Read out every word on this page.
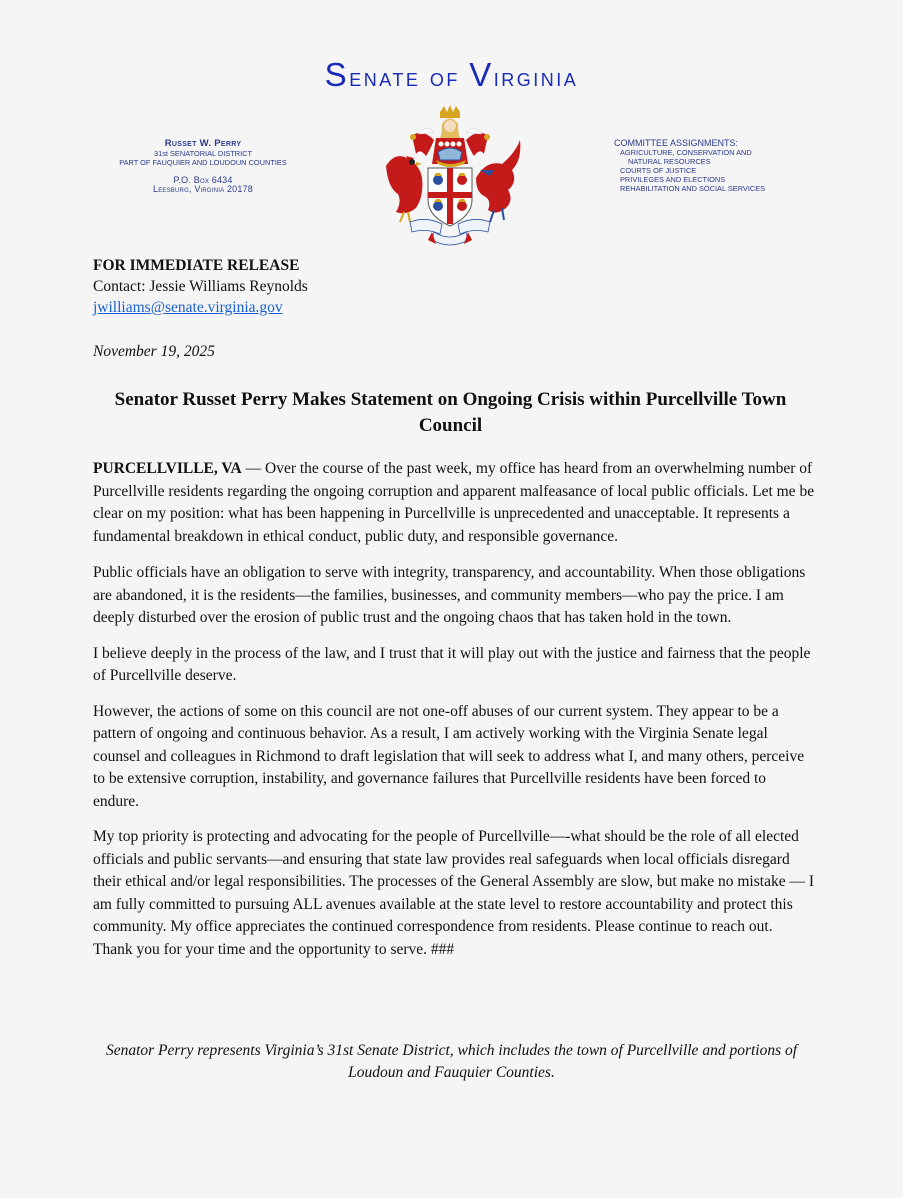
Senate of Virginia
Russet W. Perry
31st SENATORIAL DISTRICT
PART OF FAUQUIER AND LOUDOUN COUNTIES
P.O. Box 6434
Leesburg, Virginia 20178
COMMITTEE ASSIGNMENTS:
AGRICULTURE, CONSERVATION AND
NATURAL RESOURCES
COURTS OF JUSTICE
PRIVILEGES AND ELECTIONS
REHABILITATION AND SOCIAL SERVICES
FOR IMMEDIATE RELEASE
Contact: Jessie Williams Reynolds
jwilliams@senate.virginia.gov
November 19, 2025
Senator Russet Perry Makes Statement on Ongoing Crisis within Purcellville Town Council

PURCELLVILLE, VA — Over the course of the past week, my office has heard from an overwhelming number of Purcellville residents regarding the ongoing corruption and apparent malfeasance of local public officials. Let me be clear on my position: what has been happening in Purcellville is unprecedented and unacceptable. It represents a fundamental breakdown in ethical conduct, public duty, and responsible governance.

Public officials have an obligation to serve with integrity, transparency, and accountability. When those obligations are abandoned, it is the residents—the families, businesses, and community members—who pay the price. I am deeply disturbed over the erosion of public trust and the ongoing chaos that has taken hold in the town.

I believe deeply in the process of the law, and I trust that it will play out with the justice and fairness that the people of Purcellville deserve.

However, the actions of some on this council are not one-off abuses of our current system. They appear to be a pattern of ongoing and continuous behavior. As a result, I am actively working with the Virginia Senate legal counsel and colleagues in Richmond to draft legislation that will seek to address what I, and many others, perceive to be extensive corruption, instability, and governance failures that Purcellville residents have been forced to endure.

My top priority is protecting and advocating for the people of Purcellville—-what should be the role of all elected officials and public servants—and ensuring that state law provides real safeguards when local officials disregard their ethical and/or legal responsibilities. The processes of the General Assembly are slow, but make no mistake — I am fully committed to pursuing ALL avenues available at the state level to restore accountability and protect this community. My office appreciates the continued correspondence from residents. Please continue to reach out. Thank you for your time and the opportunity to serve. ###

Senator Perry represents Virginia’s 31st Senate District, which includes the town of Purcellville and portions of Loudoun and Fauquier Counties.
